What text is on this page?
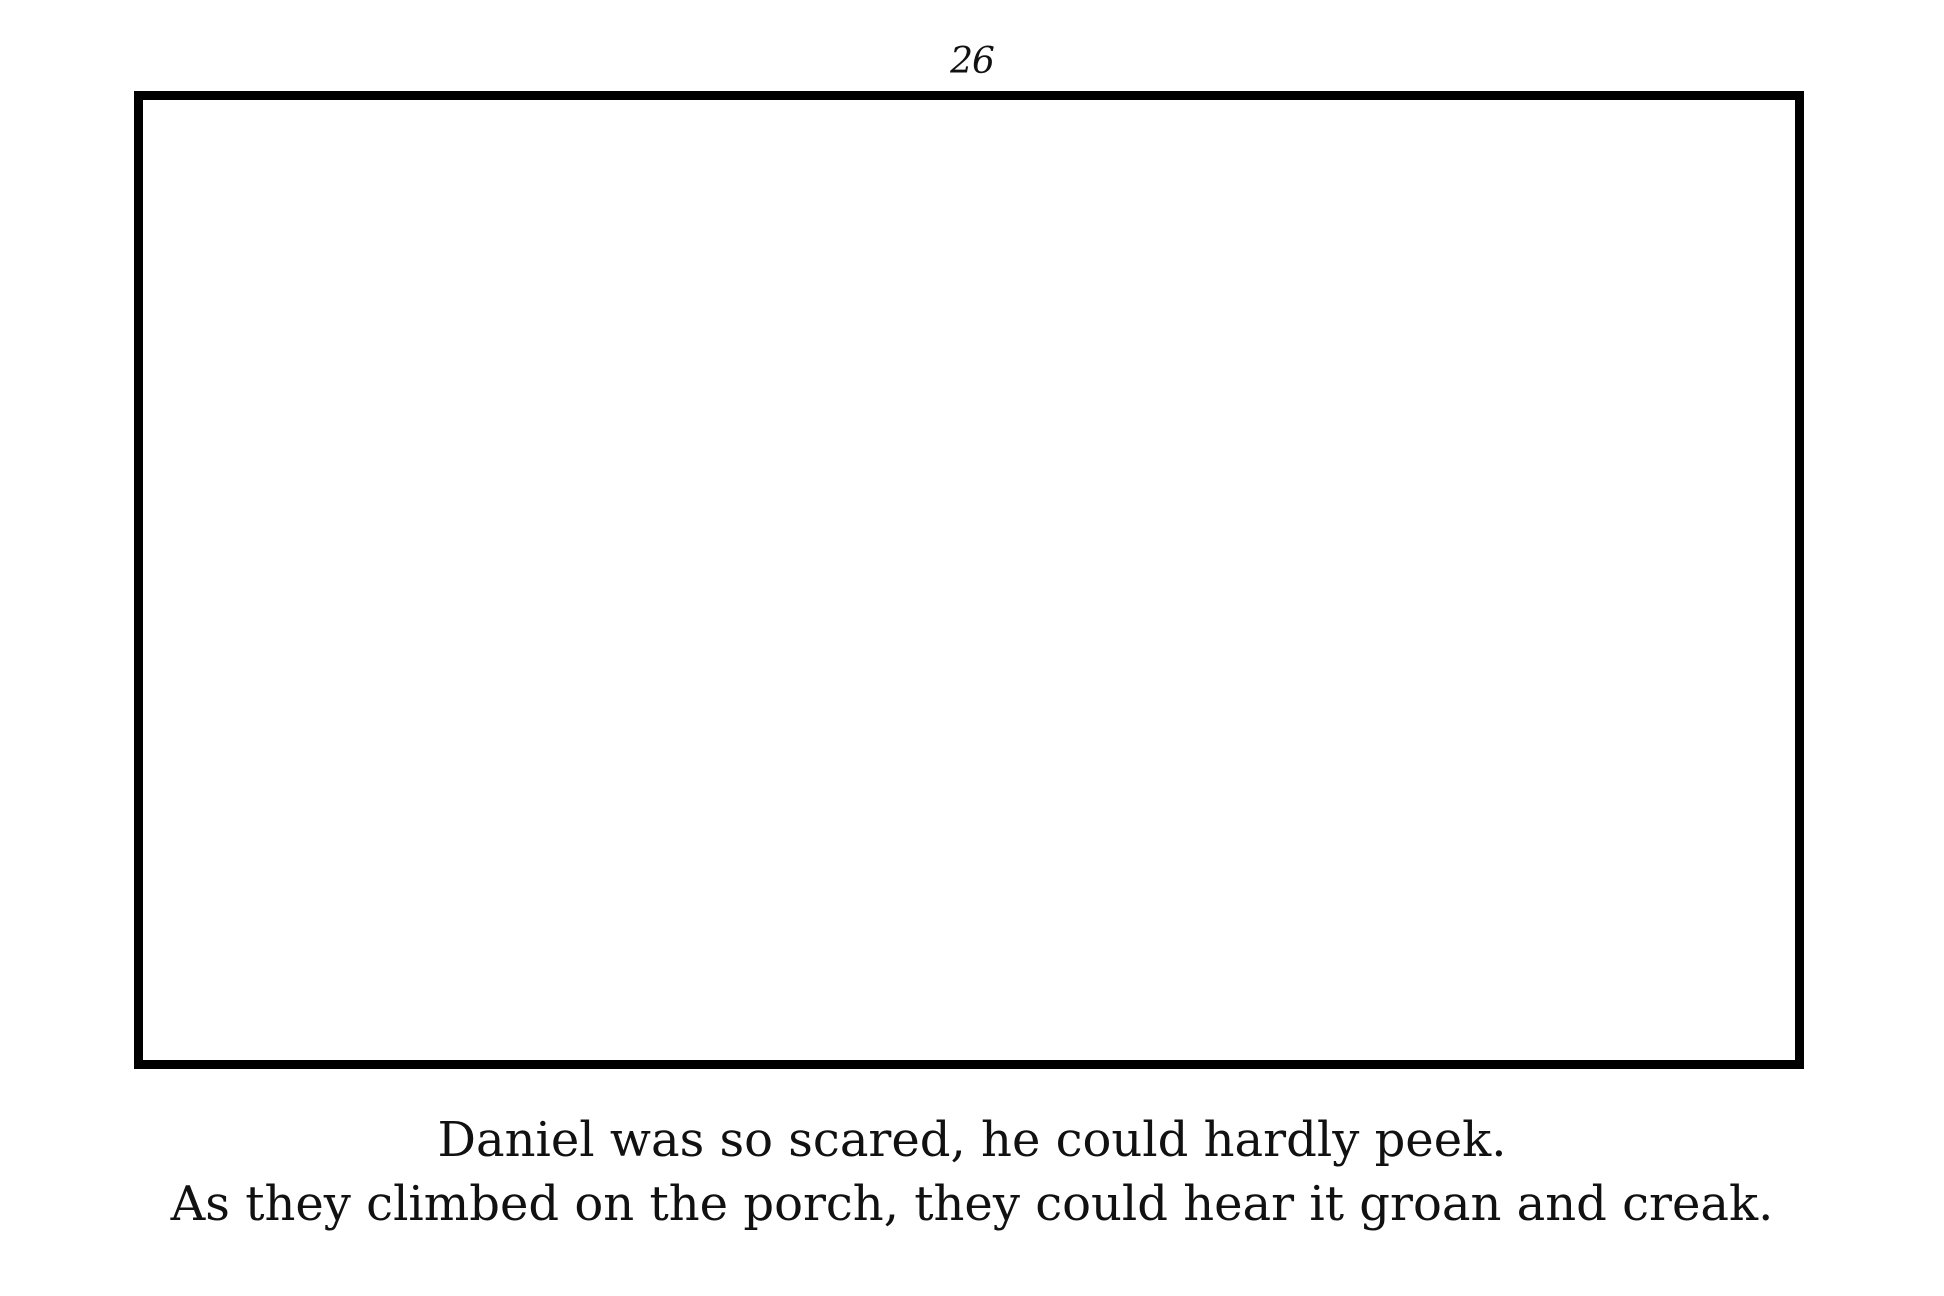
26
Daniel was so scared, he could hardly peek.
As they climbed on the porch, they could hear it groan and creak.
